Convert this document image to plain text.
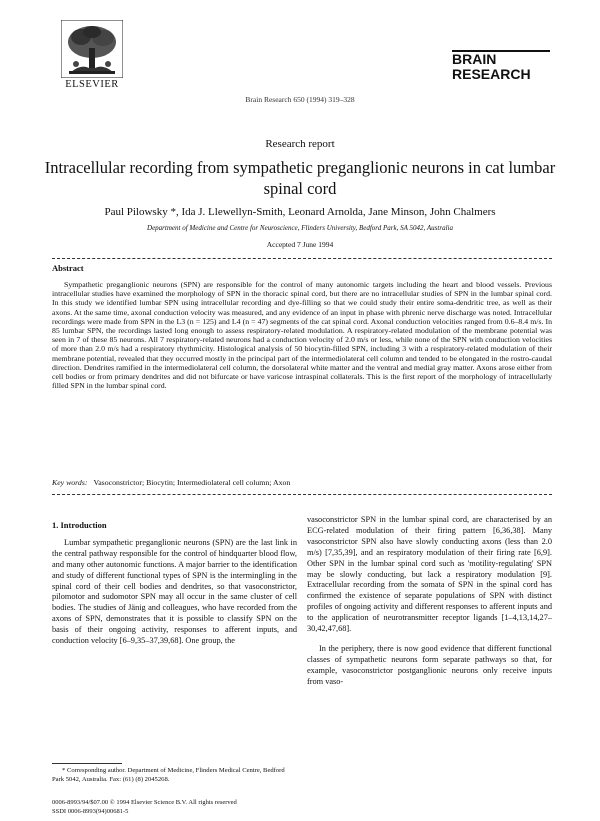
ELSEVIER
Brain Research 650 (1994) 319–328
BRAIN
RESEARCH
Research report
Intracellular recording from sympathetic preganglionic neurons in cat lumbar spinal cord
Paul Pilowsky *, Ida J. Llewellyn-Smith, Leonard Arnolda, Jane Minson, John Chalmers
Department of Medicine and Centre for Neuroscience, Flinders University, Bedford Park, SA 5042, Australia
Accepted 7 June 1994
Abstract

Sympathetic preganglionic neurons (SPN) are responsible for the control of many autonomic targets including the heart and blood vessels. Previous intracellular studies have examined the morphology of SPN in the thoracic spinal cord, but there are no intracellular studies of SPN in the lumbar spinal cord. In this study we identified lumbar SPN using intracellular recording and dye-filling so that we could study their entire soma-dendritic tree, as well as their axons. At the same time, axonal conduction velocity was measured, and any evidence of an input in phase with phrenic nerve discharge was noted. Intracellular recordings were made from SPN in the L3 (n = 125) and L4 (n = 47) segments of the cat spinal cord. Axonal conduction velocities ranged from 0.6–8.4 m/s. In 85 lumbar SPN, the recordings lasted long enough to assess respiratory-related modulation. A respiratory-related modulation of the membrane potential was seen in 7 of these 85 neurons. All 7 respiratory-related neurons had a conduction velocity of 2.0 m/s or less, while none of the SPN with conduction velocities of more than 2.0 m/s had a respiratory rhythmicity. Histological analysis of 50 biocytin-filled SPN, including 3 with a respiratory-related modulation of their membrane potential, revealed that they occurred mostly in the principal part of the intermediolateral cell column and tended to be elongated in the rostro-caudal direction. Dendrites ramified in the intermediolateral cell column, the dorsolateral white matter and the ventral and medial gray matter. Axons arose either from cell bodies or from primary dendrites and did not bifurcate or have varicose intraspinal collaterals. This is the first report of the morphology of intracellularly filled SPN in the lumbar spinal cord.

Key words: Vasoconstrictor; Biocytin; Intermediolateral cell column; Axon
1. Introduction

Lumbar sympathetic preganglionic neurons (SPN) are the last link in the central pathway responsible for the control of hindquarter blood flow, and many other autonomic functions. A major barrier to the identification and study of different functional types of SPN is the intermingling in the spinal cord of their cell bodies and dendrites, so that vasoconstrictor, pilomotor and sudomotor SPN may all occur in the same cluster of cell bodies. The studies of Jänig and colleagues, who have recorded from the axons of SPN, demonstrates that it is possible to classify SPN on the basis of their ongoing activity, responses to afferent inputs, and conduction velocity [6–9,35–37,39,68]. One group, the

vasoconstrictor SPN in the lumbar spinal cord, are characterised by an ECG-related modulation of their firing pattern [6,36,38]. Many vasoconstrictor SPN also have slowly conducting axons (less than 2.0 m/s) [7,35,39], and an respiratory modulation of their firing rate [6,9]. Other SPN in the lumbar spinal cord such as 'motility-regulating' SPN may be slowly conducting, but lack a respiratory modulation [9]. Extracellular recording from the somata of SPN in the spinal cord has confirmed the existence of separate populations of SPN with distinct profiles of ongoing activity and different responses to afferent inputs and to the application of neurotransmitter receptor ligands [1–4,13,14,27–30,42,47,68].

In the periphery, there is now good evidence that different functional classes of sympathetic neurons form separate pathways so that, for example, vasoconstrictor postganglionic neurons only receive inputs from vaso-

* Corresponding author. Department of Medicine, Flinders Medical Centre, Bedford Park 5042, Australia. Fax: (61) (8) 2045268.

0006-8993/94/$07.00 © 1994 Elsevier Science B.V. All rights reserved
SSDI 0006-8993(94)00681-5
